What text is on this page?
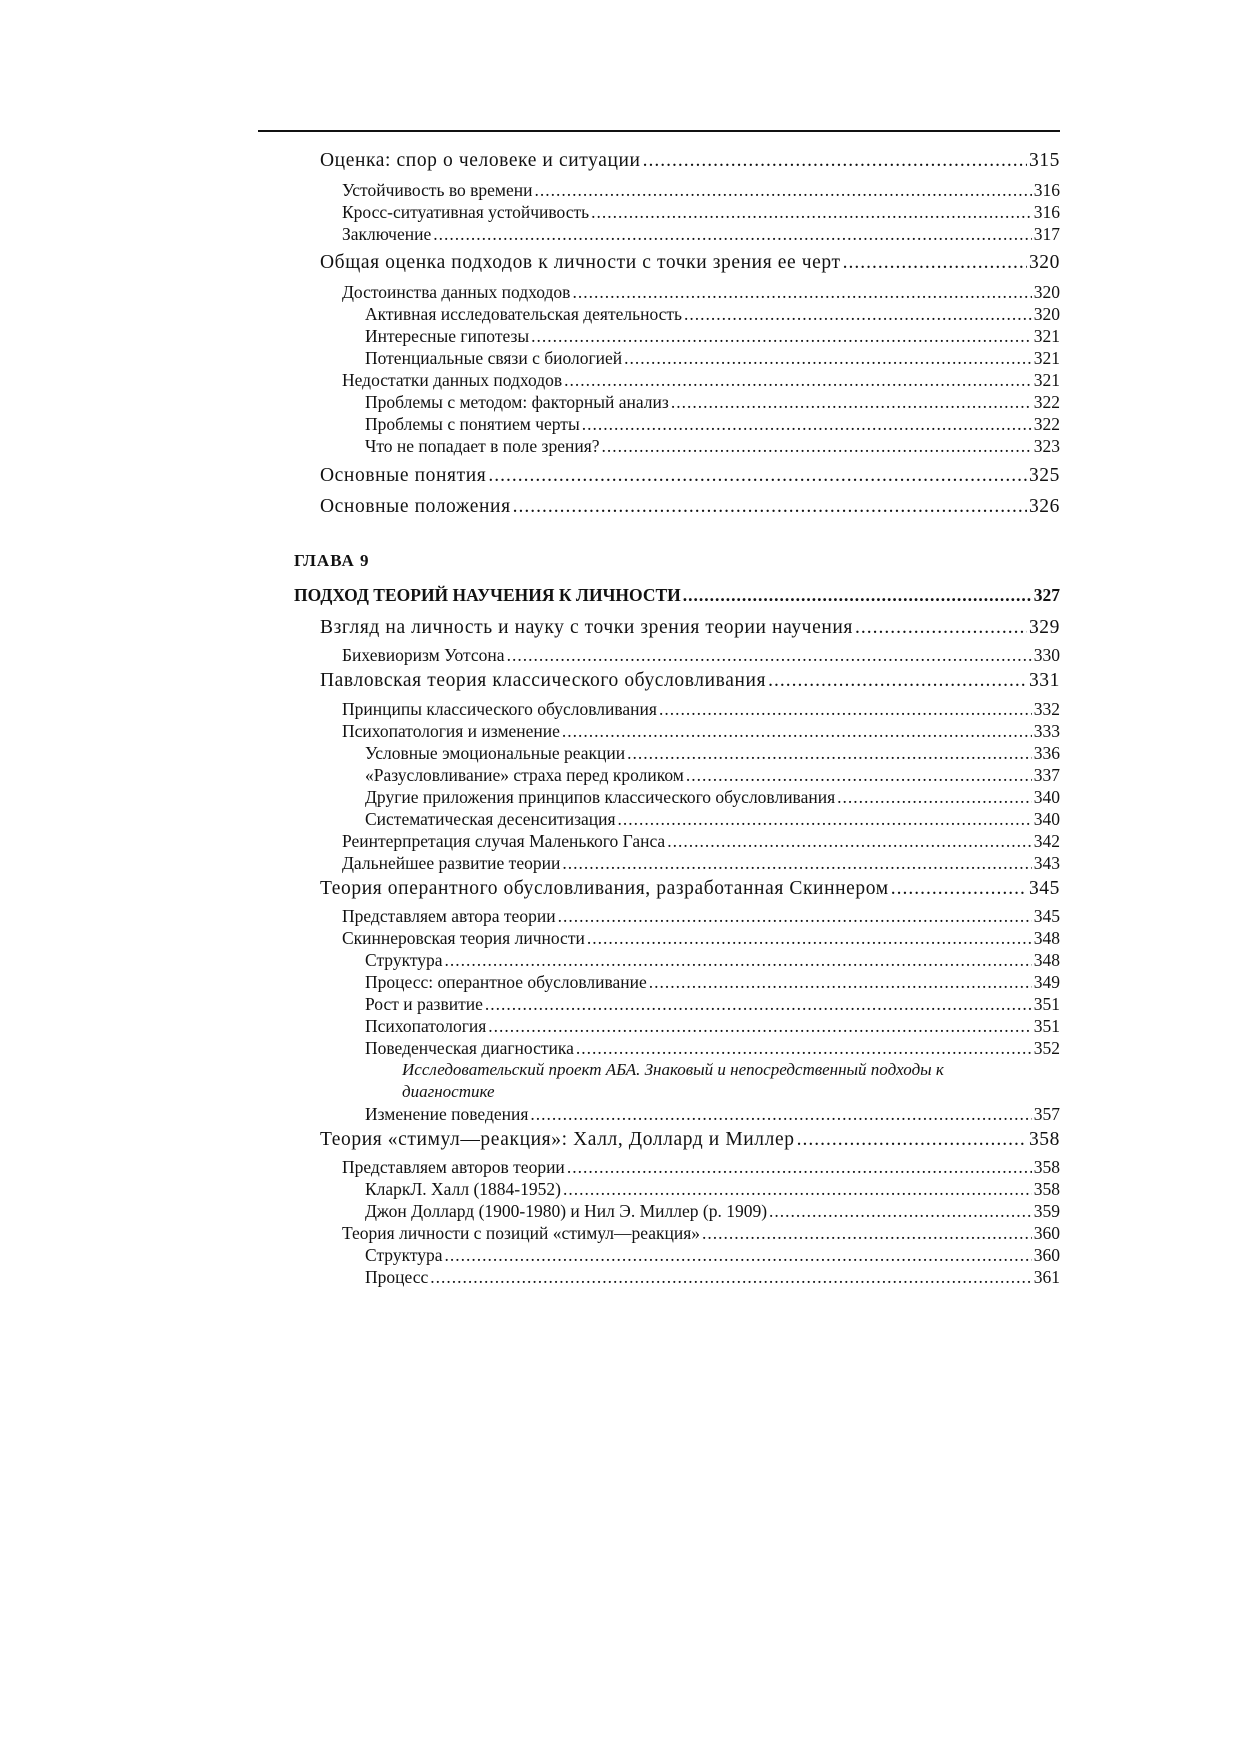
Оценка: спор о человеке и ситуации .....	315
Устойчивость во времени .....	316
Кросс-ситуативная устойчивость .....	316
Заключение .....	317
Общая оценка подходов к личности с точки зрения ее черт .....	320
Достоинства данных подходов .....	320
Активная исследовательская деятельность .....	320
Интересные гипотезы .....	321
Потенциальные связи с биологией .....	321
Недостатки данных подходов .....	321
Проблемы с методом: факторный анализ .....	322
Проблемы с понятием черты .....	322
Что не попадает в поле зрения? .....	323
Основные понятия .....	325
Основные положения .....	326
ГЛАВА 9
ПОДХОД ТЕОРИЙ НАУЧЕНИЯ К ЛИЧНОСТИ .....	327
Взгляд на личность и науку с точки зрения теории научения .....	329
Бихевиоризм Уотсона .....	330
Павловская теория классического обусловливания .....	331
Принципы классического обусловливания .....	332
Психопатология и изменение .....	333
Условные эмоциональные реакции .....	336
«Разусловливание» страха перед кроликом .....	337
Другие приложения принципов классического обусловливания .....	340
Систематическая десенситизация .....	340
Реинтерпретация случая Маленького Ганса .....	342
Дальнейшее развитие теории .....	343
Теория оперантного обусловливания, разработанная Скиннером .....	345
Представляем автора теории .....	345
Скиннеровская теория личности .....	348
Структура .....	348
Процесс: оперантное обусловливание .....	349
Рост и развитие .....	351
Психопатология .....	351
Поведенческая диагностика .....	352
Исследовательский проект АБА. Знаковый и непосредственный подходы к диагностике
Изменение поведения .....	357
Теория «стимул—реакция»: Халл, Доллард и Миллер .....	358
Представляем авторов теории .....	358
КларкЛ. Халл (1884-1952) .....	358
Джон Доллард (1900-1980) и Нил Э. Миллер (р. 1909) .....	359
Теория личности с позиций «стимул—реакция» .....	360
Структура .....	360
Процесс .....	361
